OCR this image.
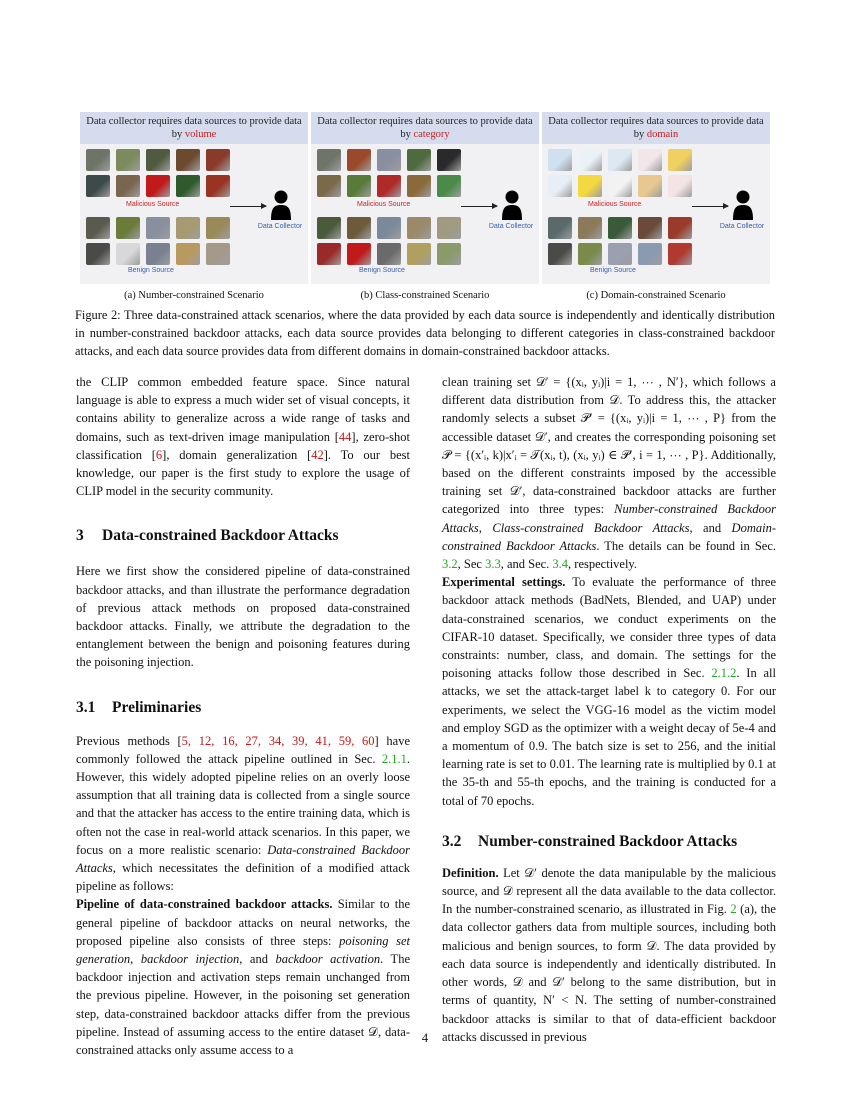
Data collector requires data sources to provide data by volume
Malicious Source
Benign Source
Data Collector
(a) Number-constrained Scenario
Data collector requires data sources to provide data by category
Malicious Source
Benign Source
Data Collector
(b) Class-constrained Scenario
Data collector requires data sources to provide data by domain
Malicious Source
Benign Source
Data Collector
(c) Domain-constrained Scenario
Figure 2: Three data-constrained attack scenarios, where the data provided by each data source is independently and identically distribution in number-constrained backdoor attacks, each data source provides data belonging to different categories in class-constrained backdoor attacks, and each data source provides data from different domains in domain-constrained backdoor attacks.

the CLIP common embedded feature space. Since natural language is able to express a much wider set of visual concepts, it contains ability to generalize across a wide range of tasks and domains, such as text-driven image manipulation [44], zero-shot classification [6], domain generalization [42]. To our best knowledge, our paper is the first study to explore the usage of CLIP model in the security community.

3 Data-constrained Backdoor Attacks

Here we first show the considered pipeline of data-constrained backdoor attacks, and than illustrate the performance degradation of previous attack methods on proposed data-constrained backdoor attacks. Finally, we attribute the degradation to the entanglement between the benign and poisoning features during the poisoning injection.

3.1 Preliminaries

Previous methods [5, 12, 16, 27, 34, 39, 41, 59, 60] have commonly followed the attack pipeline outlined in Sec. 2.1.1. However, this widely adopted pipeline relies on an overly loose assumption that all training data is collected from a single source and that the attacker has access to the entire training data, which is often not the case in real-world attack scenarios. In this paper, we focus on a more realistic scenario: Data-constrained Backdoor Attacks, which necessitates the definition of a modified attack pipeline as follows:

Pipeline of data-constrained backdoor attacks. Similar to the general pipeline of backdoor attacks on neural networks, the proposed pipeline also consists of three steps: poisoning set generation, backdoor injection, and backdoor activation. The backdoor injection and activation steps remain unchanged from the previous pipeline. However, in the poisoning set generation step, data-constrained backdoor attacks differ from the previous pipeline. Instead of assuming access to the entire dataset 𝒟, data-constrained attacks only assume access to a

clean training set 𝒟′ = {(xᵢ, yᵢ)|i = 1, ⋯ , N′}, which follows a different data distribution from 𝒟. To address this, the attacker randomly selects a subset 𝒫′ = {(xᵢ, yᵢ)|i = 1, ⋯ , P} from the accessible dataset 𝒟′, and creates the corresponding poisoning set 𝒫 = {(x′ᵢ, k)|x′ᵢ = 𝒯(xᵢ, t), (xᵢ, yᵢ) ∈ 𝒫′, i = 1, ⋯ , P}. Additionally, based on the different constraints imposed by the accessible training set 𝒟′, data-constrained backdoor attacks are further categorized into three types: Number-constrained Backdoor Attacks, Class-constrained Backdoor Attacks, and Domain-constrained Backdoor Attacks. The details can be found in Sec. 3.2, Sec 3.3, and Sec. 3.4, respectively.

Experimental settings. To evaluate the performance of three backdoor attack methods (BadNets, Blended, and UAP) under data-constrained scenarios, we conduct experiments on the CIFAR-10 dataset. Specifically, we consider three types of data constraints: number, class, and domain. The settings for the poisoning attacks follow those described in Sec. 2.1.2. In all attacks, we set the attack-target label k to category 0. For our experiments, we select the VGG-16 model as the victim model and employ SGD as the optimizer with a weight decay of 5e-4 and a momentum of 0.9. The batch size is set to 256, and the initial learning rate is set to 0.01. The learning rate is multiplied by 0.1 at the 35-th and 55-th epochs, and the training is conducted for a total of 70 epochs.

3.2 Number-constrained Backdoor Attacks

Definition. Let 𝒟′ denote the data manipulable by the malicious source, and 𝒟 represent all the data available to the data collector. In the number-constrained scenario, as illustrated in Fig. 2 (a), the data collector gathers data from multiple sources, including both malicious and benign sources, to form 𝒟. The data provided by each data source is independently and identically distributed. In other words, 𝒟 and 𝒟′ belong to the same distribution, but in terms of quantity, N′ < N. The setting of number-constrained backdoor attacks is similar to that of data-efficient backdoor attacks discussed in previous

4
